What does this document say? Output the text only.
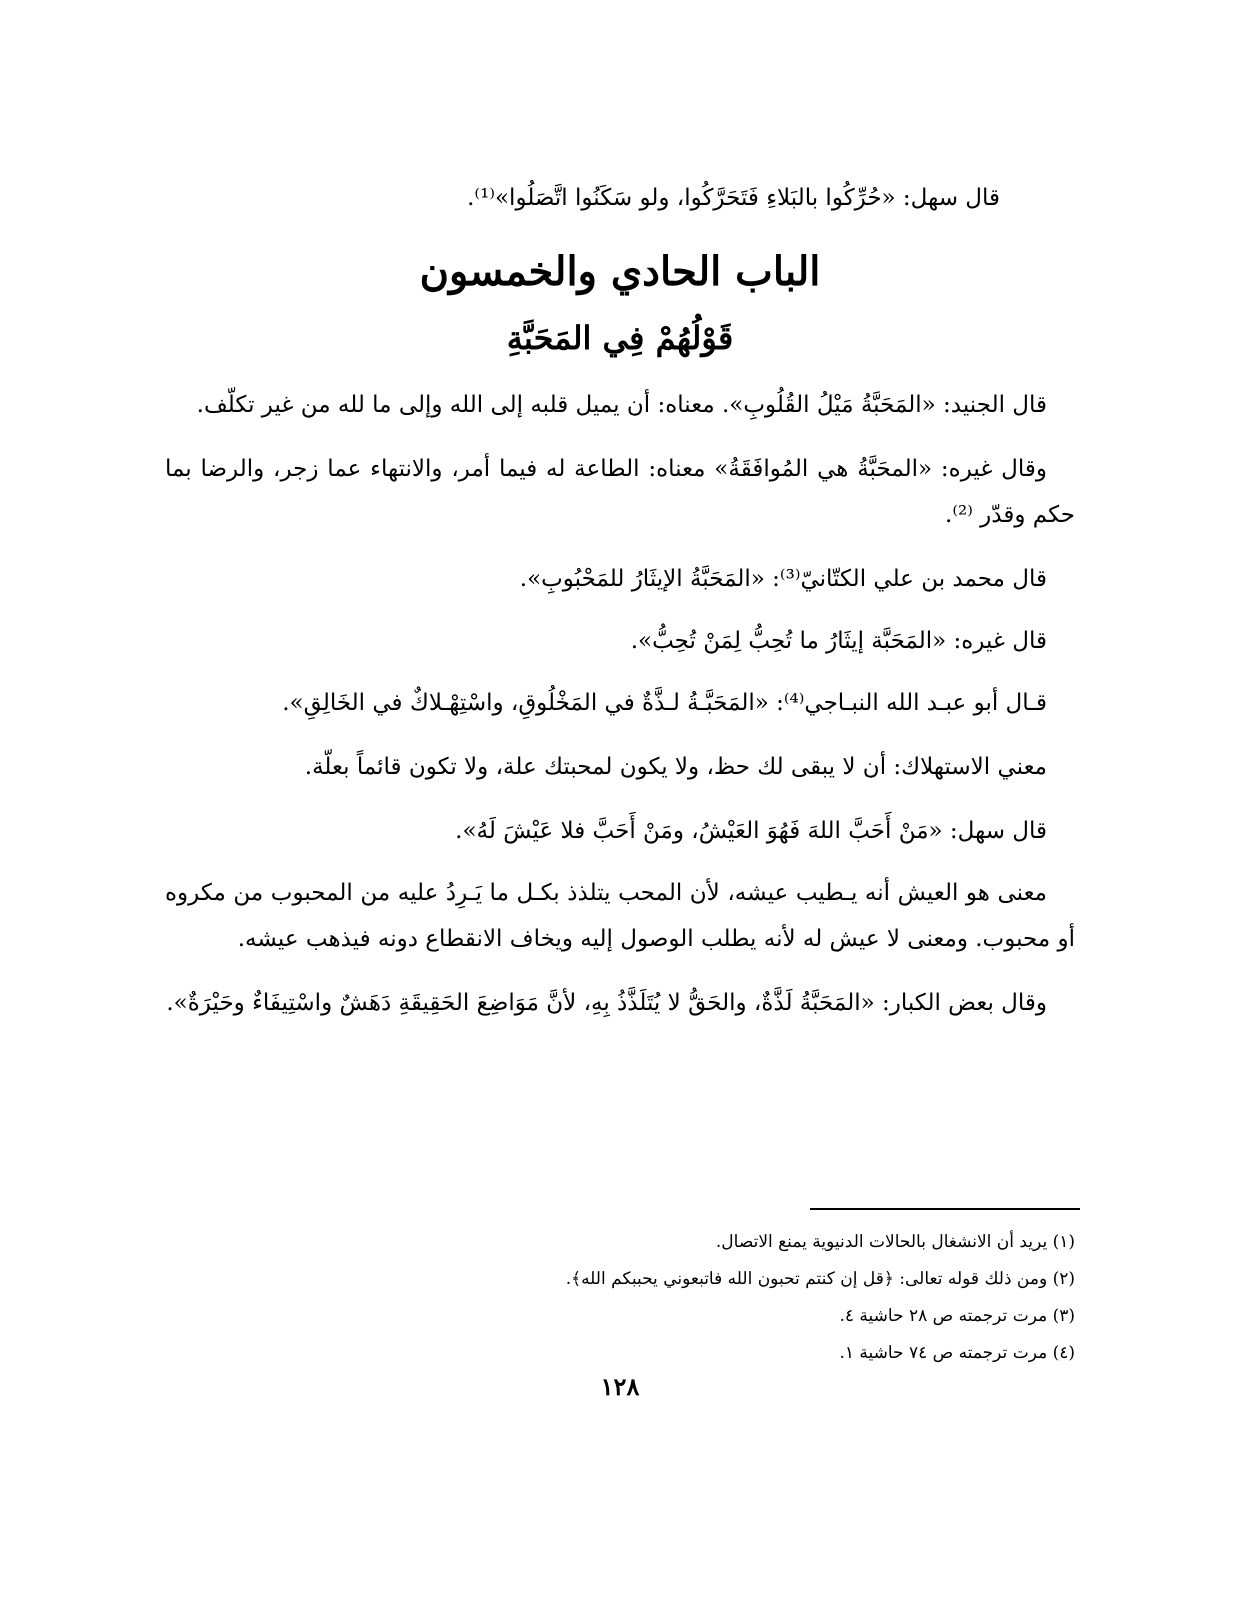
قال سهل: «حُرِّكُوا بالبَلاءِ فَتَحَرَّكُوا، ولو سَكَنُوا اتَّصَلُوا»⁽¹⁾.
الباب الحادي والخمسون
قَوْلُهُمْ فِي المَحَبَّةِ

قال الجنيد: «المَحَبَّةُ مَيْلُ القُلُوبِ». معناه: أن يميل قلبه إلى الله وإلى ما لله من غير تكلّف.

وقال غيره: «المحَبَّةُ هي المُوافَقَةُ» معناه: الطاعة له فيما أمر، والانتهاء عما زجر، والرضا بما حكم وقدّر ⁽²⁾.

قال محمد بن علي الكتّانيّ⁽³⁾: «المَحَبَّةُ الإيثَارُ للمَحْبُوبِ».

قال غيره: «المَحَبَّة إيثَارُ ما تُحِبُّ لِمَنْ تُحِبُّ».

قـال أبو عبـد الله النبـاجي⁽⁴⁾: «المَحَبَّـةُ لـذَّةٌ في المَخْلُوقِ، واسْتِهْـلاكٌ في الخَالِقِ».

معني الاستهلاك: أن لا يبقى لك حظ، ولا يكون لمحبتك علة، ولا تكون قائماً بعلّة.

قال سهل: «مَنْ أَحَبَّ اللهَ فَهُوَ العَيْشُ، ومَنْ أَحَبَّ فلا عَيْشَ لَهُ».

معنى هو العيش أنه يـطيب عيشه، لأن المحب يتلذذ بكـل ما يَـرِدُ عليه من المحبوب من مكروه أو محبوب. ومعنى لا عيش له لأنه يطلب الوصول إليه ويخاف الانقطاع دونه فيذهب عيشه.

وقال بعض الكبار: «المَحَبَّةُ لَذَّةٌ، والحَقُّ لا يُتَلَذَّذُ بِهِ، لأنَّ مَوَاضِعَ الحَقِيقَةِ دَهَشٌ واسْتِيفَاءٌ وحَيْرَةٌ».

(١) يريد أن الانشغال بالحالات الدنيوية يمنع الاتصال.

(٢) ومن ذلك قوله تعالى: ﴿قل إن كنتم تحبون الله فاتبعوني يحببكم الله﴾.

(٣) مرت ترجمته ص ٢٨ حاشية ٤.

(٤) مرت ترجمته ص ٧٤ حاشية ١.

١٢٨
